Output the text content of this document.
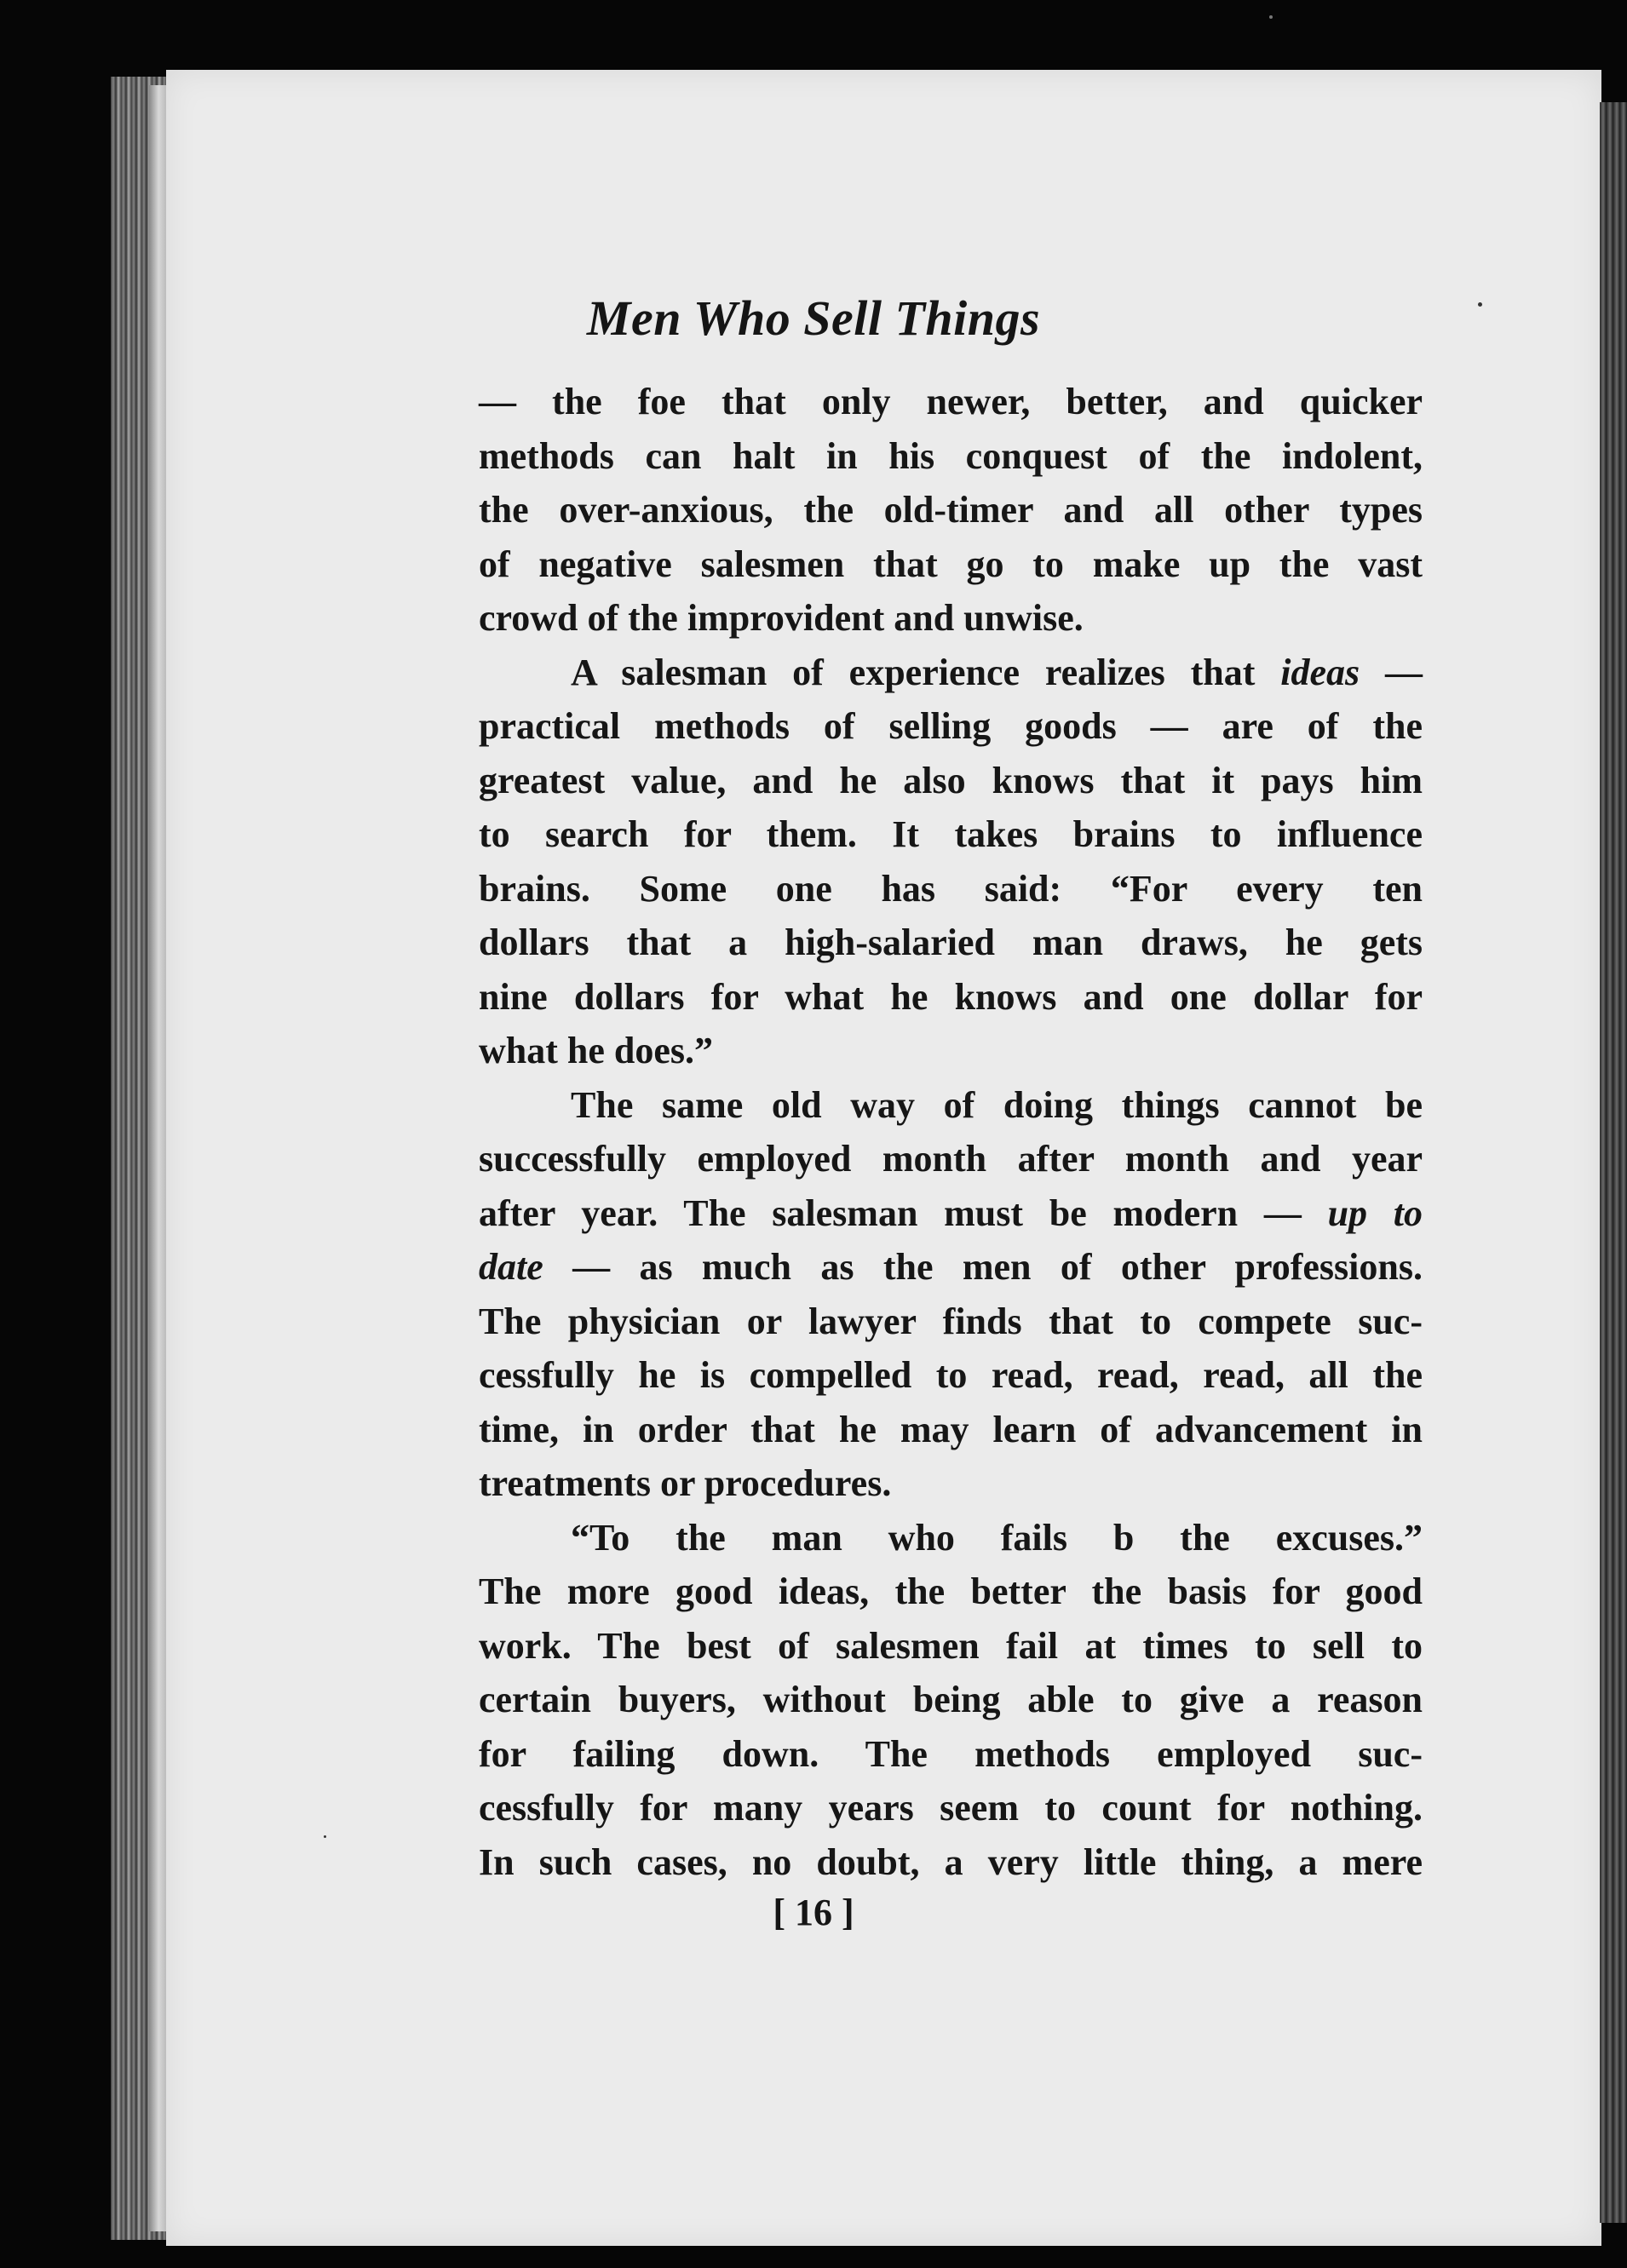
Men Who Sell Things

— the foe that only newer, better, and quicker
methods can halt in his conquest of the indolent,
the over-anxious, the old-timer and all other types
of negative salesmen that go to make up the vast
crowd of the improvident and unwise.

A salesman of experience realizes that ideas —
practical methods of selling goods — are of the
greatest value, and he also knows that it pays him
to search for them. It takes brains to influence
brains. Some one has said: “For every ten
dollars that a high-salaried man draws, he gets
nine dollars for what he knows and one dollar for
what he does.”

The same old way of doing things cannot be
successfully employed month after month and year
after year. The salesman must be modern — up to
date — as much as the men of other professions.
The physician or lawyer finds that to compete suc-
cessfully he is compelled to read, read, read, all the
time, in order that he may learn of advancement in
treatments or procedures.

“To the man who fails b the excuses.”
The more good ideas, the better the basis for good
work. The best of salesmen fail at times to sell to
certain buyers, without being able to give a reason
for failing down. The methods employed suc-
cessfully for many years seem to count for nothing.
In such cases, no doubt, a very little thing, a mere

[ 16 ]
